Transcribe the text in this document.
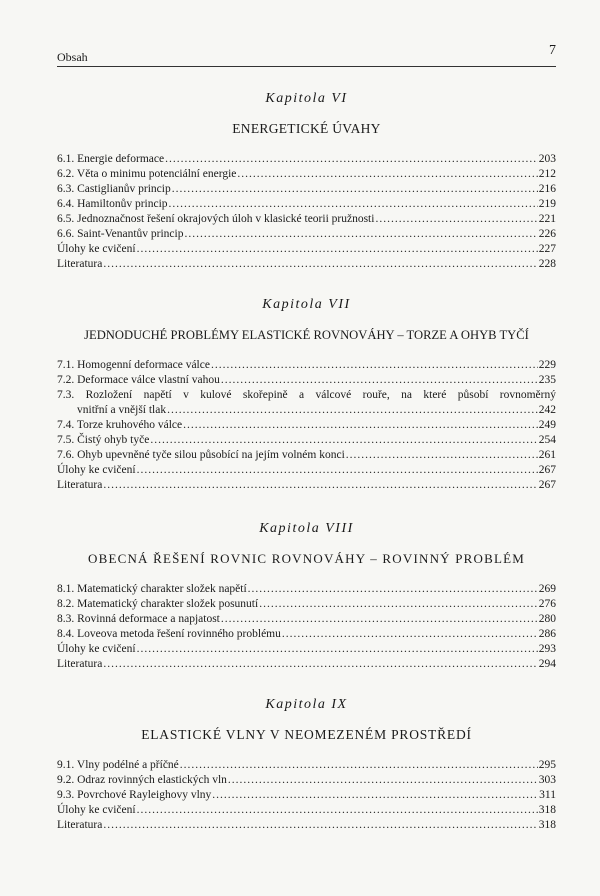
Obsah	7
Kapitola VI
ENERGETICKÉ ÚVAHY
6.1. Energie deformace .....	203
6.2. Věta o minimu potenciální energie .....	212
6.3. Castiglianův princip .....	216
6.4. Hamiltonův princip .....	219
6.5. Jednoznačnost řešení okrajových úloh v klasické teorii pružnosti .....	221
6.6. Saint-Venantův princip .....	226
Úlohy ke cvičení .....	227
Literatura .....	228
Kapitola VII
JEDNODUCHÉ PROBLÉMY ELASTICKÉ ROVNOVÁHY – TORZE A OHYB TYČÍ
7.1. Homogenní deformace válce .....	229
7.2. Deformace válce vlastní vahou .....	235
7.3. Rozložení napětí v kulové skořepině a válcové rouře, na které působí rovnoměrný
vnitřní a vnější tlak .....	242
7.4. Torze kruhového válce .....	249
7.5. Čistý ohyb tyče .....	254
7.6. Ohyb upevněné tyče silou působící na jejím volném konci .....	261
Úlohy ke cvičení .....	267
Literatura .....	267
Kapitola VIII
OBECNÁ ŘEŠENÍ ROVNIC ROVNOVÁHY – ROVINNÝ PROBLÉM
8.1. Matematický charakter složek napětí .....	269
8.2. Matematický charakter složek posunutí .....	276
8.3. Rovinná deformace a napjatost .....	280
8.4. Loveova metoda řešení rovinného problému .....	286
Úlohy ke cvičení .....	293
Literatura .....	294
Kapitola IX
ELASTICKÉ VLNY V NEOMEZENÉM PROSTŘEDÍ
9.1. Vlny podélné a příčné .....	295
9.2. Odraz rovinných elastických vln .....	303
9.3. Povrchové Rayleighovy vlny .....	311
Úlohy ke cvičení .....	318
Literatura .....	318
